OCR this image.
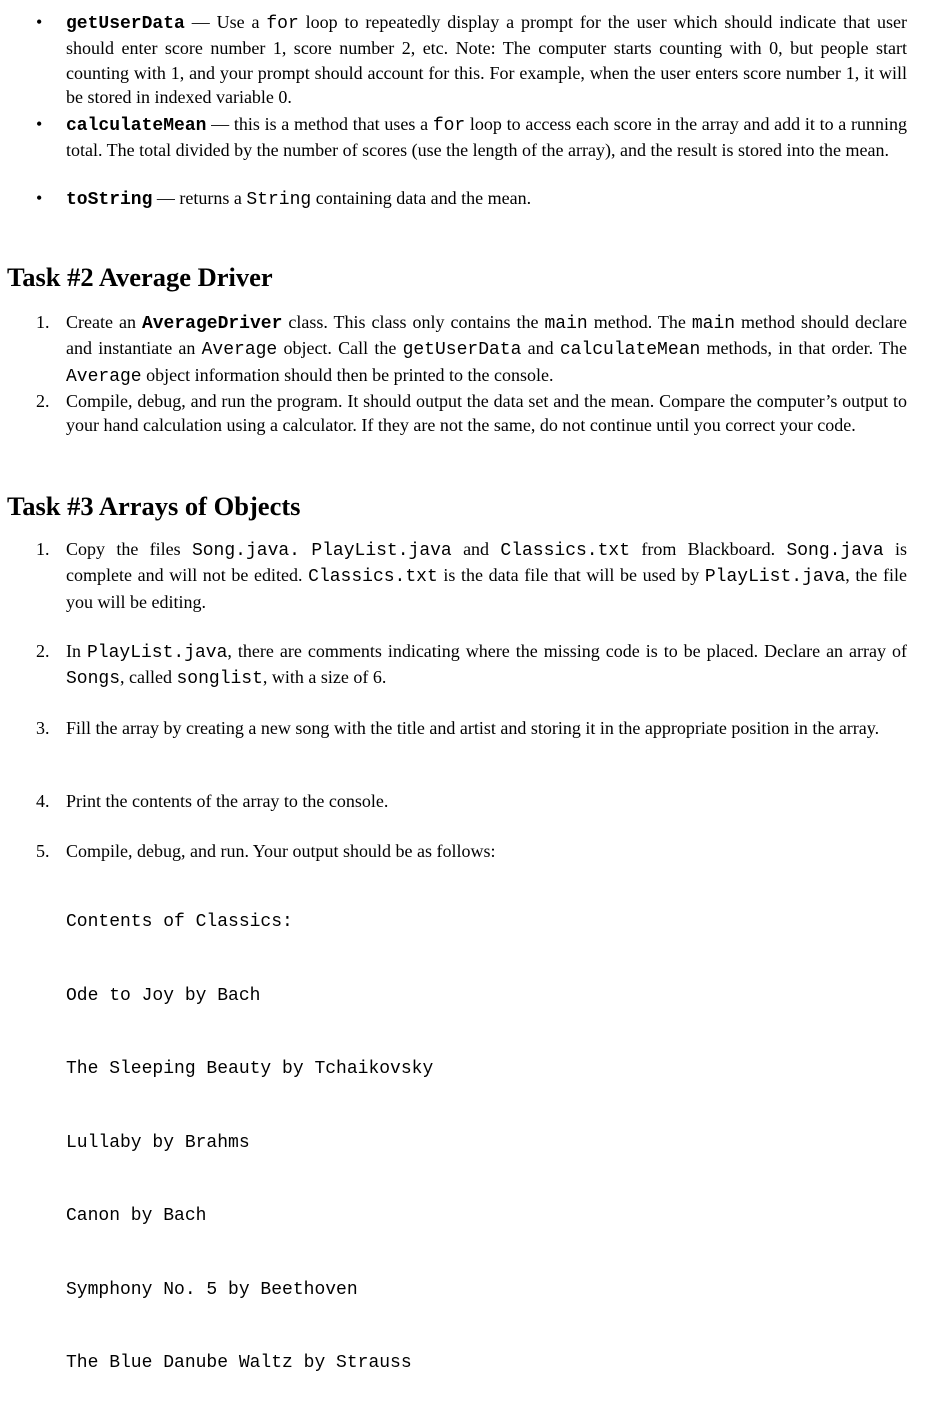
• getUserData — Use a for loop to repeatedly display a prompt for the user which should indicate that user should enter score number 1, score number 2, etc. Note: The computer starts counting with 0, but people start counting with 1, and your prompt should account for this. For example, when the user enters score number 1, it will be stored in indexed variable 0.
• calculateMean — this is a method that uses a for loop to access each score in the array and add it to a running total. The total divided by the number of scores (use the length of the array), and the result is stored into the mean.
• toString — returns a String containing data and the mean.
Task #2 Average Driver
1. Create an AverageDriver class. This class only contains the main method. The main method should declare and instantiate an Average object. Call the getUserData and calculateMean methods, in that order. The Average object information should then be printed to the console.
2. Compile, debug, and run the program. It should output the data set and the mean. Compare the computer’s output to your hand calculation using a calculator. If they are not the same, do not continue until you correct your code.
Task #3 Arrays of Objects
1. Copy the files Song.java. PlayList.java and Classics.txt from Blackboard. Song.java is complete and will not be edited. Classics.txt is the data file that will be used by PlayList.java, the file you will be editing.
2. In PlayList.java, there are comments indicating where the missing code is to be placed. Declare an array of Songs, called songlist, with a size of 6.
3. Fill the array by creating a new song with the title and artist and storing it in the appropriate position in the array.
4. Print the contents of the array to the console.
5. Compile, debug, and run. Your output should be as follows:

Contents of Classics:

Ode to Joy by Bach

The Sleeping Beauty by Tchaikovsky

Lullaby by Brahms

Canon by Bach

Symphony No. 5 by Beethoven

The Blue Danube Waltz by Strauss
